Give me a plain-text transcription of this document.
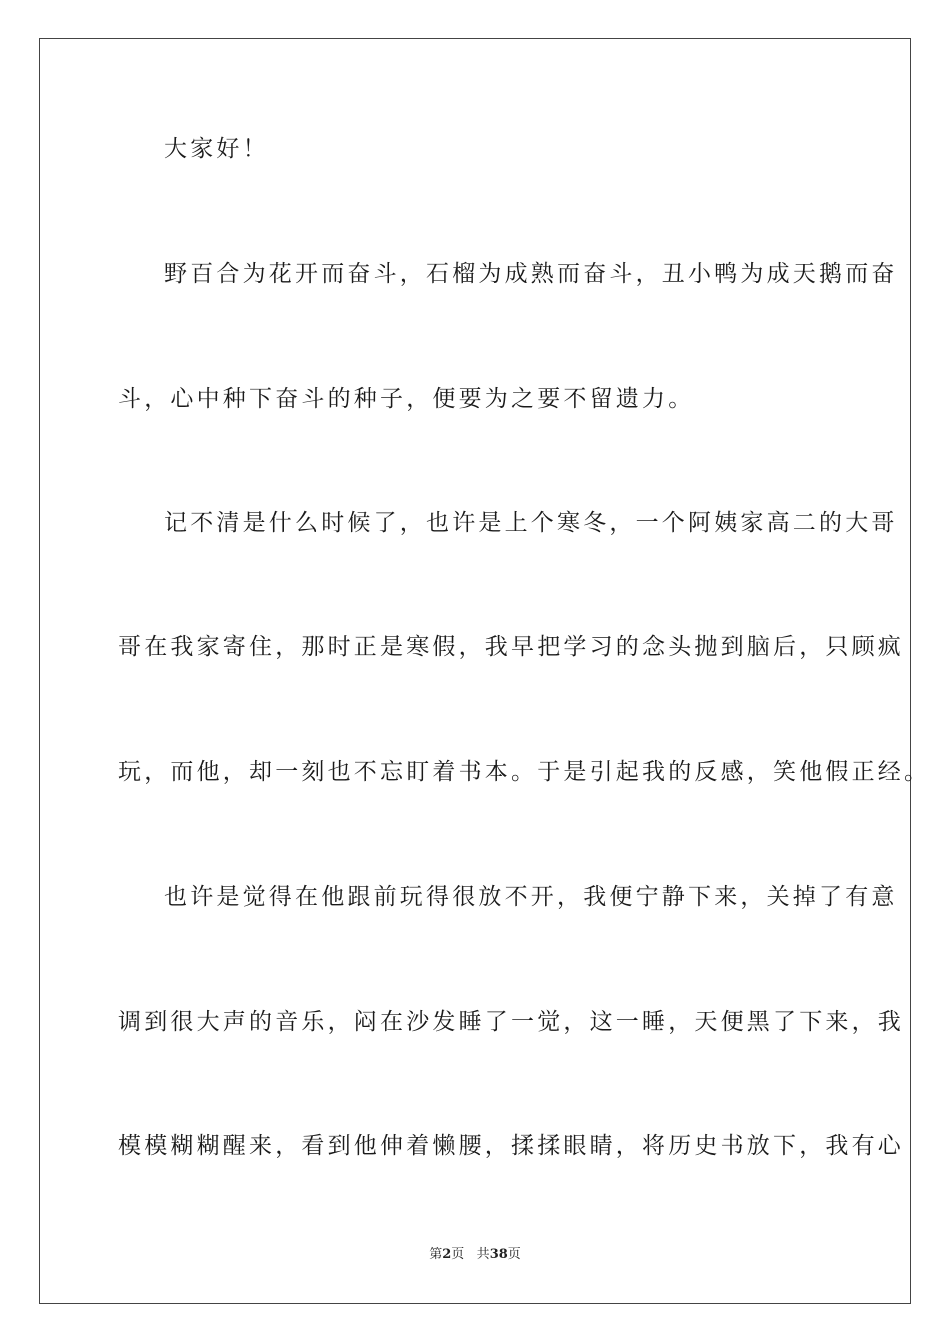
大家好！
野百合为花开而奋斗，石榴为成熟而奋斗，丑小鸭为成天鹅而奋
斗，心中种下奋斗的种子，便要为之要不留遗力。
记不清是什么时候了，也许是上个寒冬，一个阿姨家高二的大哥
哥在我家寄住，那时正是寒假，我早把学习的念头抛到脑后，只顾疯
玩，而他，却一刻也不忘盯着书本。于是引起我的反感，笑他假正经。
也许是觉得在他跟前玩得很放不开，我便宁静下来，关掉了有意
调到很大声的音乐，闷在沙发睡了一觉，这一睡，天便黑了下来，我
模模糊糊醒来，看到他伸着懒腰，揉揉眼睛，将历史书放下，我有心
第2页 共38页
